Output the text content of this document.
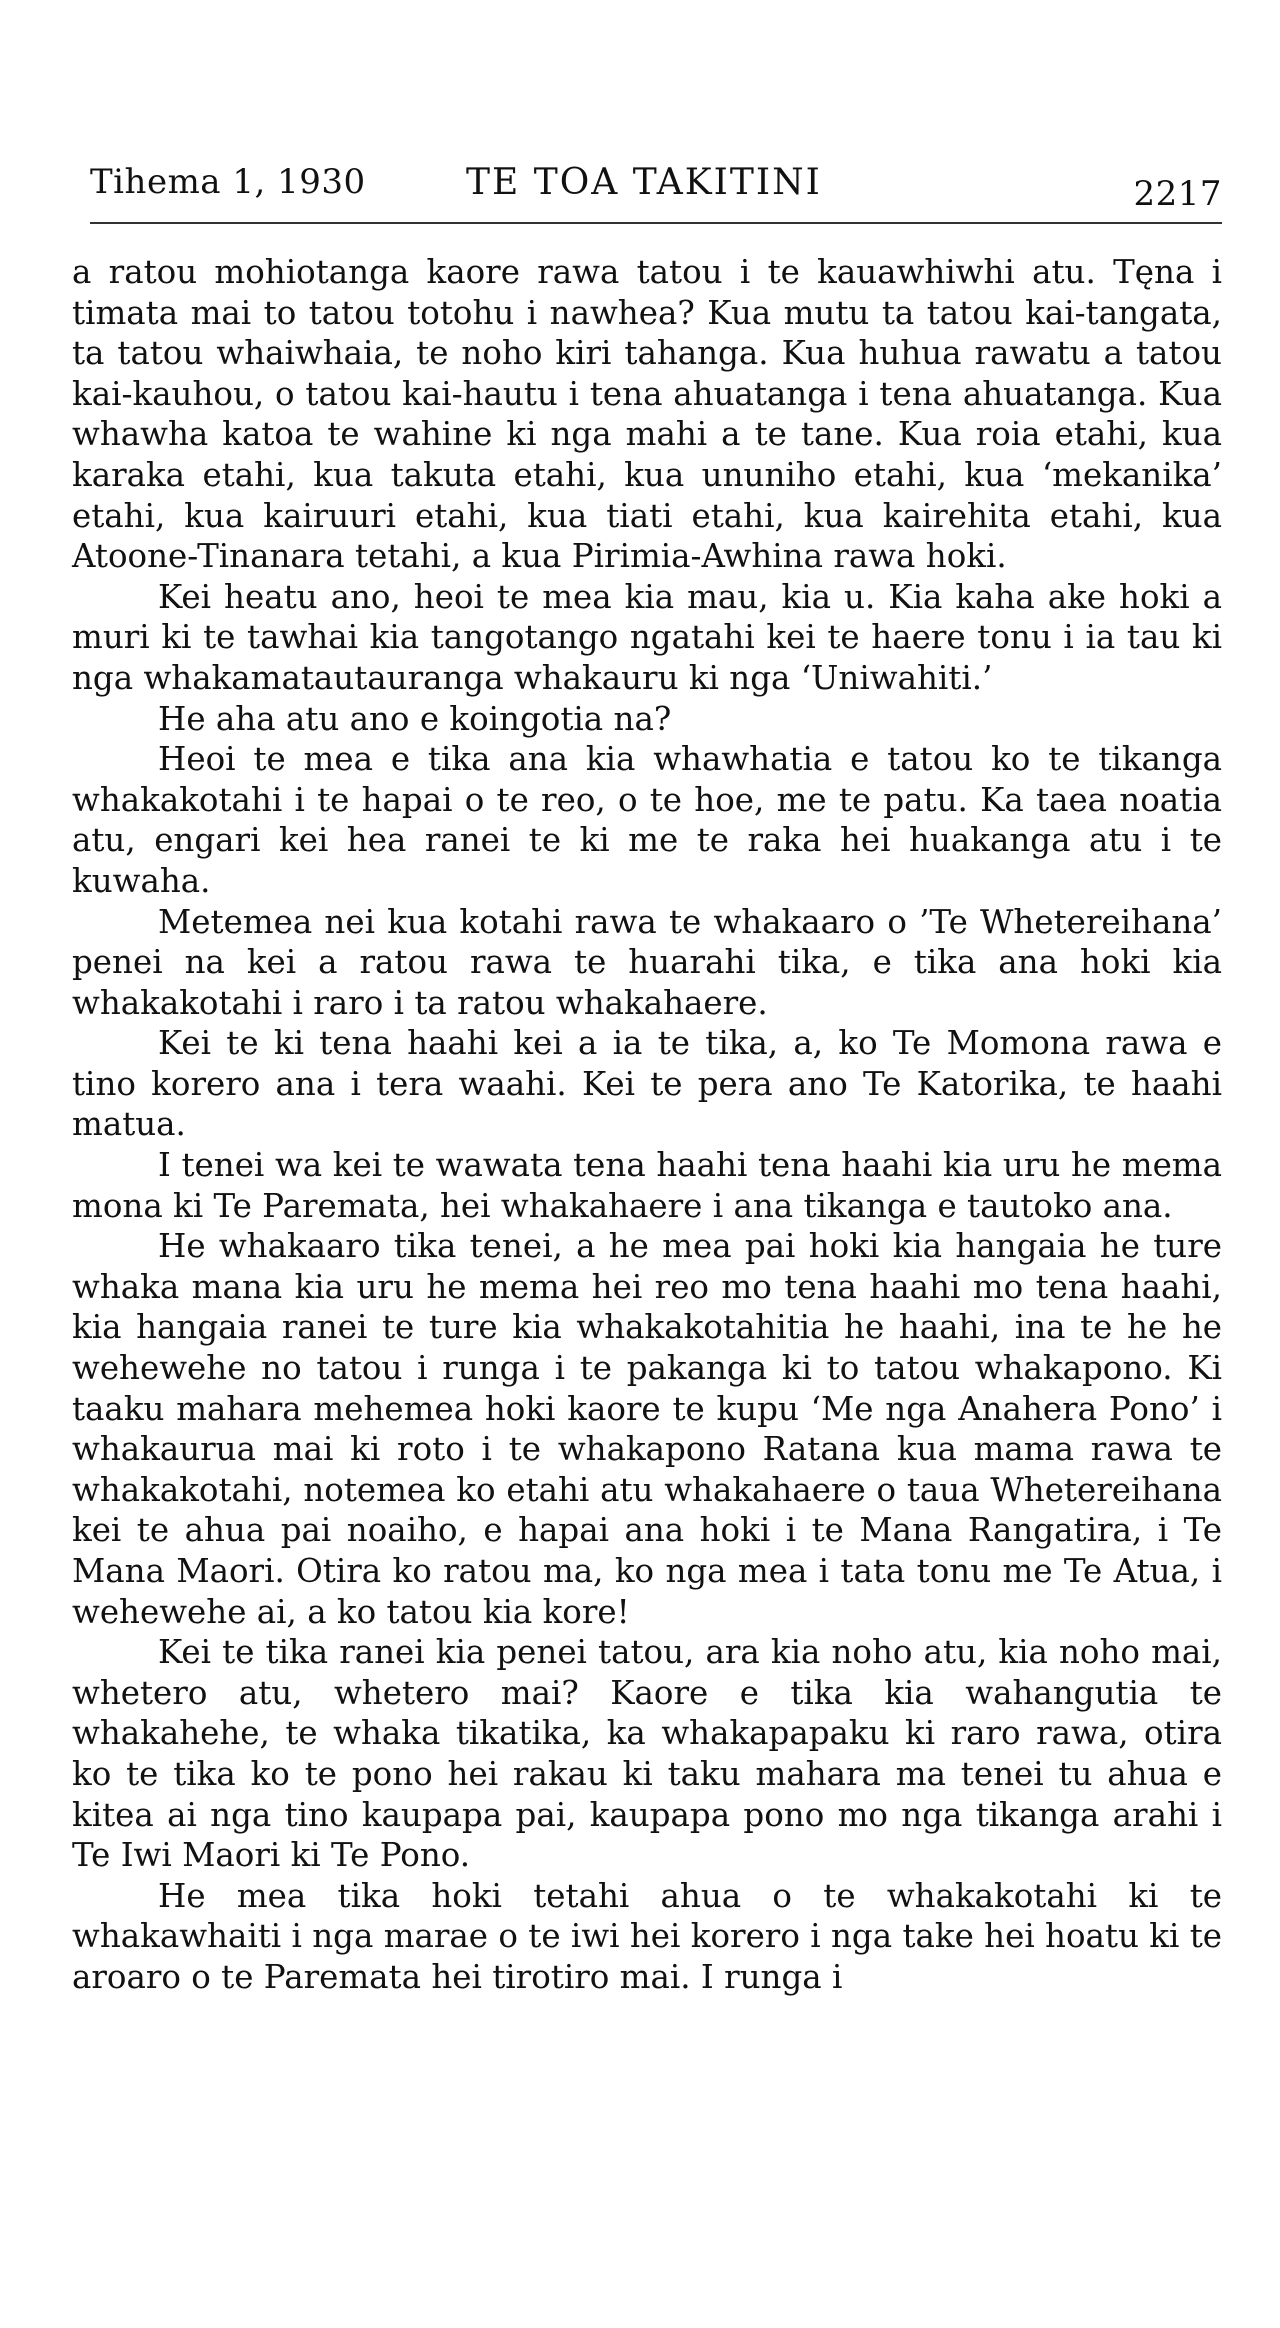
Tihema 1, 1930	TE TOA TAKITINI	2217

a ratou mohiotanga kaore rawa tatou i te kauawhiwhi atu. Tęna i timata mai to tatou totohu i nawhea? Kua mutu ta tatou kai-tangata, ta tatou whaiwhaia, te noho kiri tahanga. Kua huhua rawatu a tatou kai-kauhou, o tatou kai-hautu i tena ahuatanga i tena ahuatanga. Kua whawha katoa te wahine ki nga mahi a te tane. Kua roia etahi, kua karaka etahi, kua takuta etahi, kua ununiho etahi, kua ‘mekanika’ etahi, kua kairuuri etahi, kua tiati etahi, kua kairehita etahi, kua Atoone-Tinanara tetahi, a kua Pirimia-Awhina rawa hoki.

Kei heatu ano, heoi te mea kia mau, kia u. Kia kaha ake hoki a muri ki te tawhai kia tangotango ngatahi kei te haere tonu i ia tau ki nga whakamatautauranga whakauru ki nga ‘Uniwahiti.’

He aha atu ano e koingotia na?

Heoi te mea e tika ana kia whawhatia e tatou ko te tikanga whakakotahi i te hapai o te reo, o te hoe, me te patu. Ka taea noatia atu, engari kei hea ranei te ki me te raka hei huakanga atu i te kuwaha.

Metemea nei kua kotahi rawa te whakaaro o ’Te Whetereihana’ penei na kei a ratou rawa te huarahi tika, e tika ana hoki kia whakakotahi i raro i ta ratou whakahaere.

Kei te ki tena haahi kei a ia te tika, a, ko Te Momona rawa e tino korero ana i tera waahi. Kei te pera ano Te Katorika, te haahi matua.

I tenei wa kei te wawata tena haahi tena haahi kia uru he mema mona ki Te Paremata, hei whakahaere i ana tikanga e tautoko ana.

He whakaaro tika tenei, a he mea pai hoki kia hangaia he ture whaka mana kia uru he mema hei reo mo tena haahi mo tena haahi, kia hangaia ranei te ture kia whakakotahitia he haahi, ina te he he wehewehe no tatou i runga i te pakanga ki to tatou whakapono. Ki taaku mahara mehemea hoki kaore te kupu ‘Me nga Anahera Pono’ i whakaurua mai ki roto i te whakapono Ratana kua mama rawa te whakakotahi, notemea ko etahi atu whakahaere o taua Whetereihana kei te ahua pai noaiho, e hapai ana hoki i te Mana Rangatira, i Te Mana Maori. Otira ko ratou ma, ko nga mea i tata tonu me Te Atua, i wehewehe ai, a ko tatou kia kore!

Kei te tika ranei kia penei tatou, ara kia noho atu, kia noho mai, whetero atu, whetero mai? Kaore e tika kia wahangutia te whakahehe, te whaka tikatika, ka whakapapaku ki raro rawa, otira ko te tika ko te pono hei rakau ki taku mahara ma tenei tu ahua e kitea ai nga tino kaupapa pai, kaupapa pono mo nga tikanga arahi i Te Iwi Maori ki Te Pono.

He mea tika hoki tetahi ahua o te whakakotahi ki te whakawhaiti i nga marae o te iwi hei korero i nga take hei hoatu ki te aroaro o te Paremata hei tirotiro mai. I runga i
